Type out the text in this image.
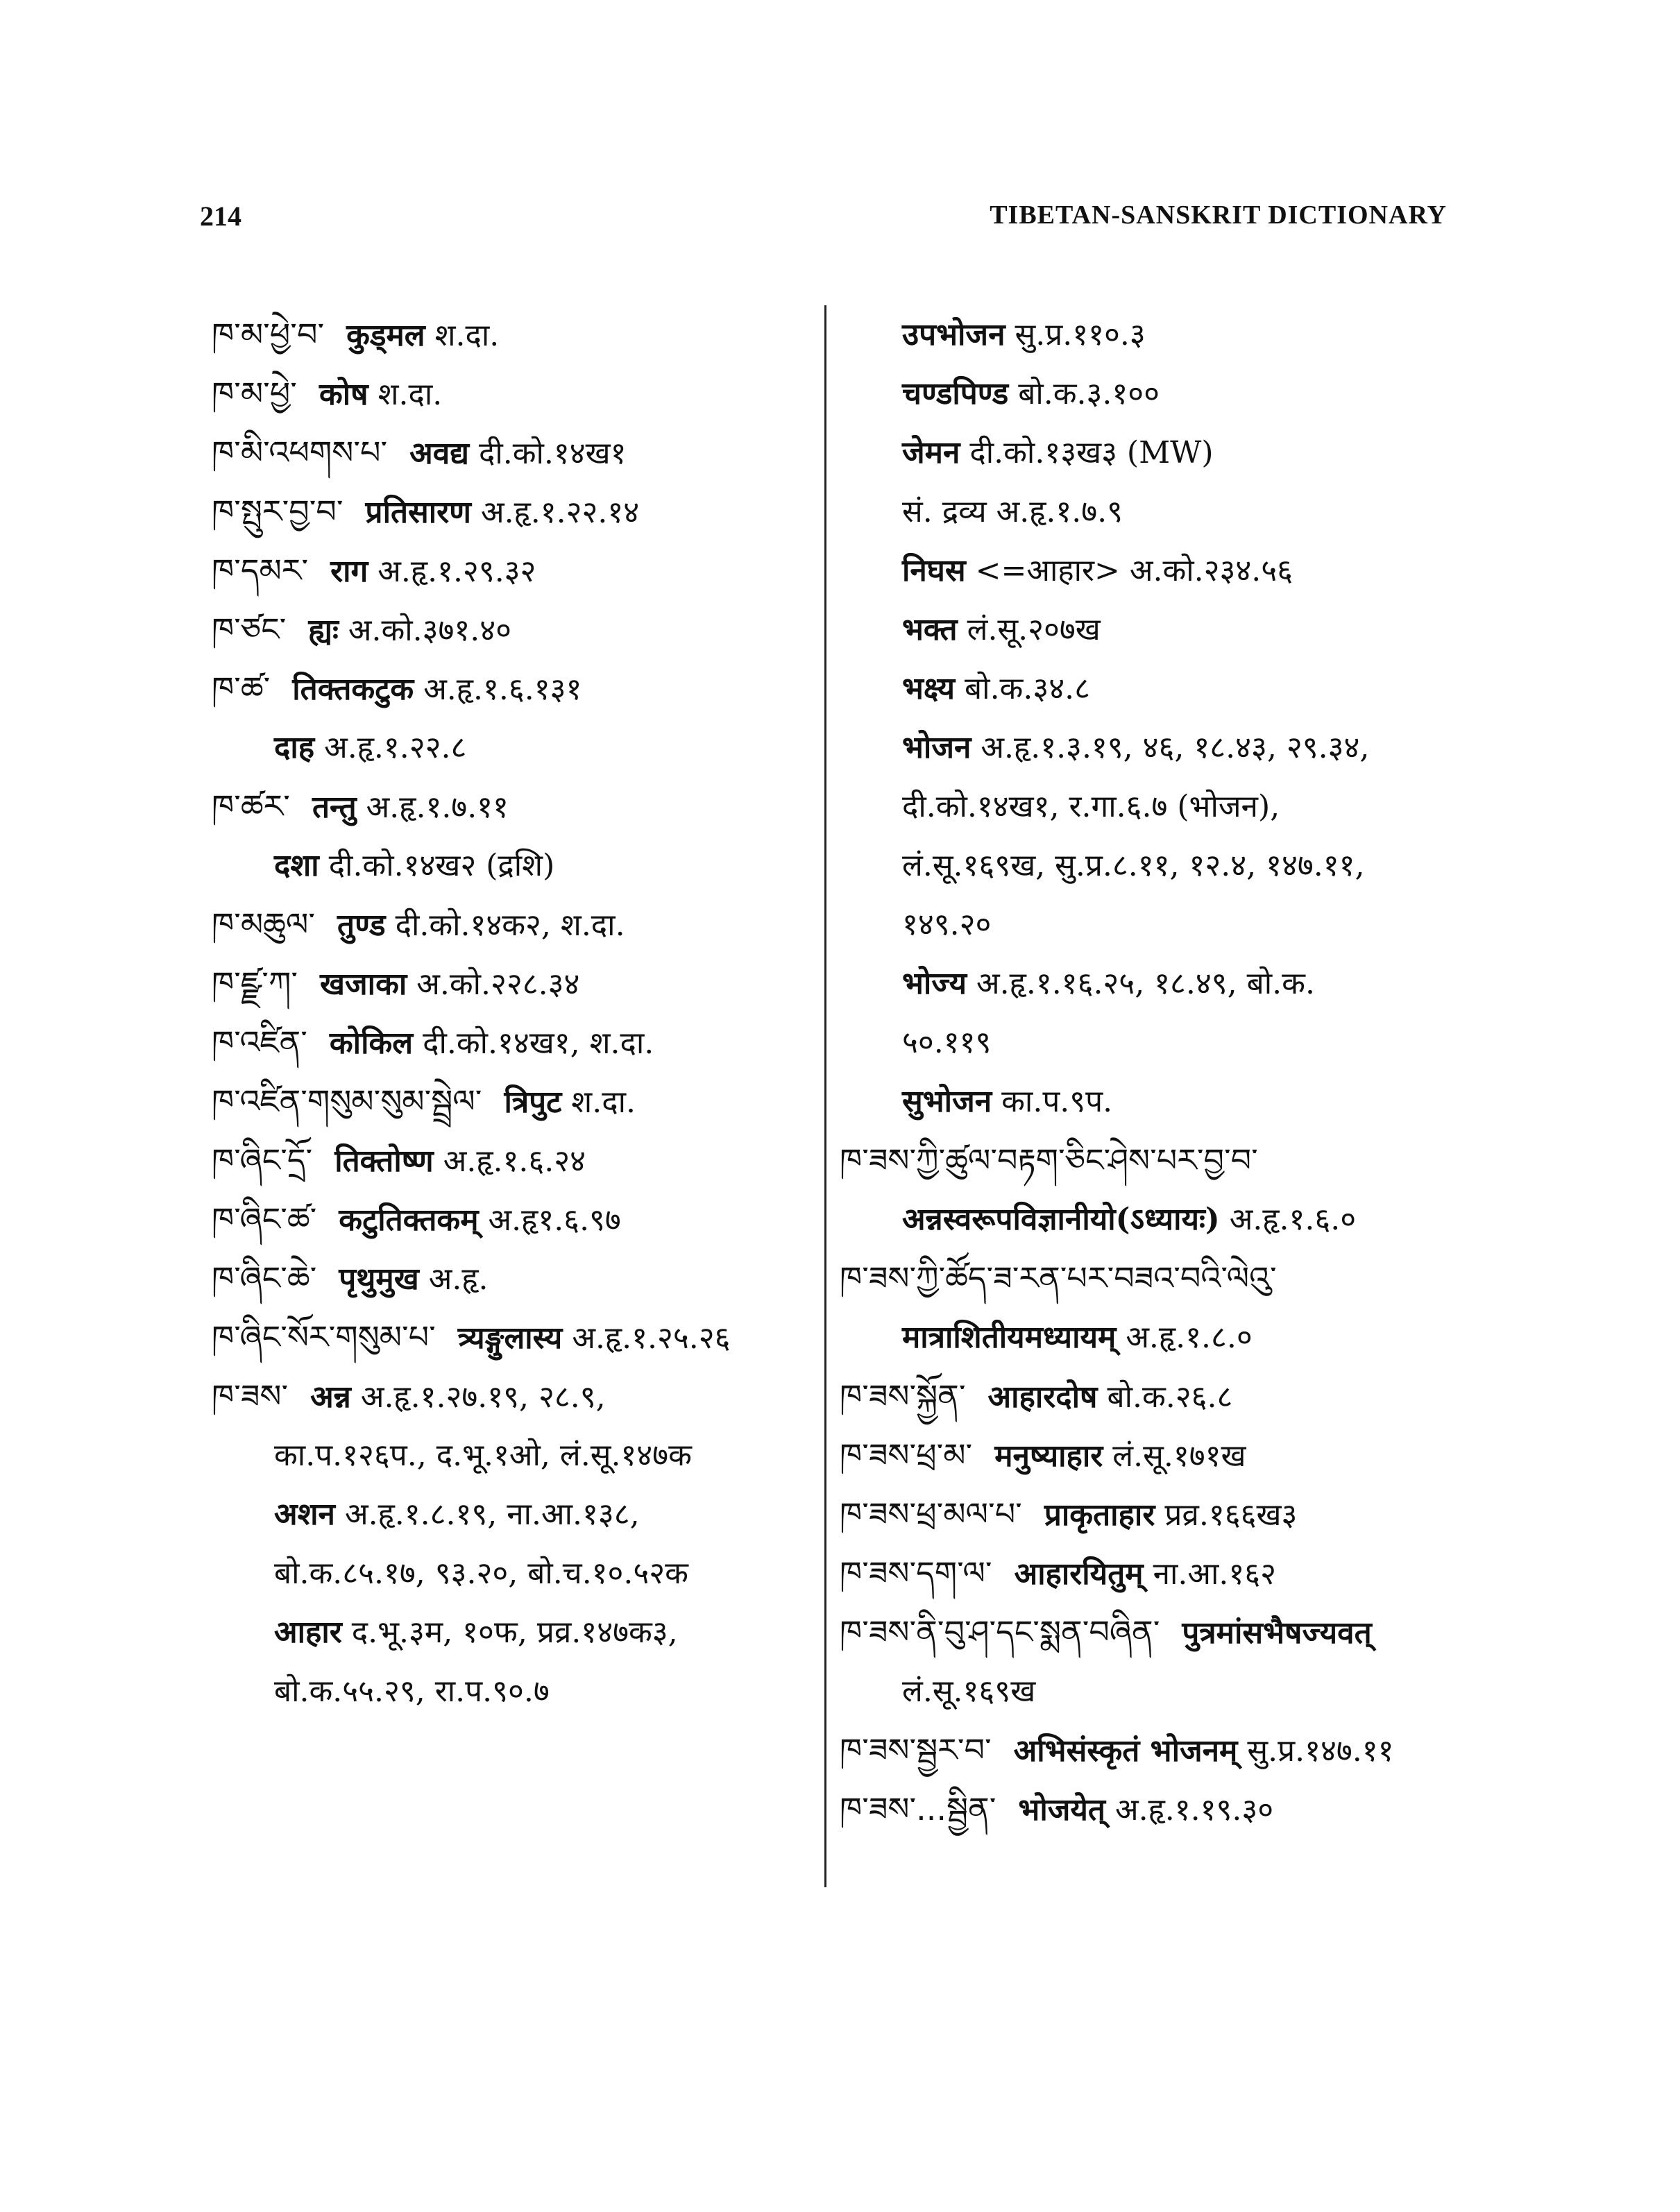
214	TIBETAN-SANSKRIT DICTIONARY
ཁ་མ་ཕྱེ་བ་ कुड्मल श.दा.
ཁ་མ་ཕྱེ་ कोष श.दा.
ཁ་མི་འཕགས་པ་ अवद्य दी.को.१४ख१
ཁ་སྤུར་བྱ་བ་ प्रतिसारण अ.हृ.१.२२.१४
ཁ་དམར་ राग अ.हृ.१.२९.३२
ཁ་ཙང་ ह्यः अ.को.३७१.४०
ཁ་ཚ་ तिक्तकटुक अ.हृ.१.६.१३१
दाह अ.हृ.१.२२.८
ཁ་ཚར་ तन्तु अ.हृ.१.७.११
दशा दी.को.१४ख२ (द्रशि)
ཁ་མཆུལ་ तुण्ड दी.को.१४क२, श.दा.
ཁ་ཛྫ་ཀ་ खजाका अ.को.२२८.३४
ཁ་འཛིན་ कोकिल दी.को.१४ख१, श.दा.
ཁ་འཛིན་གསུམ་སུམ་སྦྲེལ་ त्रिपुट श.दा.
ཁ་ཞིང་དྲོ་ तिक्तोष्ण अ.हृ.१.६.२४
ཁ་ཞིང་ཚ་ कटुतिक्तकम् अ.हृ१.६.९७
ཁ་ཞིང་ཆེ་ पृथुमुख अ.हृ.
ཁ་ཞིང་སོར་གསུམ་པ་ त्र्यङ्गुलास्य अ.हृ.१.२५.२६
ཁ་ཟས་ अन्न अ.हृ.१.२७.१९, २८.९,
का.प.१२६प., द.भू.१ओ, लं.सू.१४७क
अशन अ.हृ.१.८.१९, ना.आ.१३८,
बो.क.८५.१७, ९३.२०, बो.च.१०.५२क
आहार द.भू.३म, १०फ, प्रव्र.१४७क३,
बो.क.५५.२९, रा.प.९०.७
उपभोजन सु.प्र.११०.३
चण्डपिण्ड बो.क.३.१००
जेमन दी.को.१३ख३ (MW)
सं. द्रव्य अ.हृ.१.७.९
निघस <=आहार> अ.को.२३४.५६
भक्त लं.सू.२०७ख
भक्ष्य बो.क.३४.८
भोजन अ.हृ.१.३.१९, ४६, १८.४३, २९.३४,
दी.को.१४ख१, र.गा.६.७ (भोजन),
लं.सू.१६९ख, सु.प्र.८.११, १२.४, १४७.११,
१४९.२०
भोज्य अ.हृ.१.१६.२५, १८.४९, बो.क.
५०.११९
सुभोजन का.प.९प.
ཁ་ཟས་ཀྱི་ཚུལ་བརྟག་ཅིང་ཤེས་པར་བྱ་བ་
अन्नस्वरूपविज्ञानीयो(ऽध्यायः) अ.हृ.१.६.०
ཁ་ཟས་ཀྱི་ཚོད་ཟ་རན་པར་བཟའ་བའི་ལེའུ་
मात्राशितीयमध्यायम् अ.हृ.१.८.०
ཁ་ཟས་སྐྱོན་ आहारदोष बो.क.२६.८
ཁ་ཟས་ཕྲ་མ་ मनुष्याहार लं.सू.१७१ख
ཁ་ཟས་ཕྲ་མལ་པ་ प्राकृताहार प्रव्र.१६६ख३
ཁ་ཟས་དག་ལ་ आहारयितुम् ना.आ.१६२
ཁ་ཟས་ནི་བུ་ཤ་དང་སྨན་བཞིན་ पुत्रमांसभैषज्यवत्
लं.सू.१६९ख
ཁ་ཟས་སྦྱར་བ་ अभिसंस्कृतं भोजनम् सु.प्र.१४७.११
ཁ་ཟས་...སྦྱིན་ भोजयेत् अ.हृ.१.१९.३०
